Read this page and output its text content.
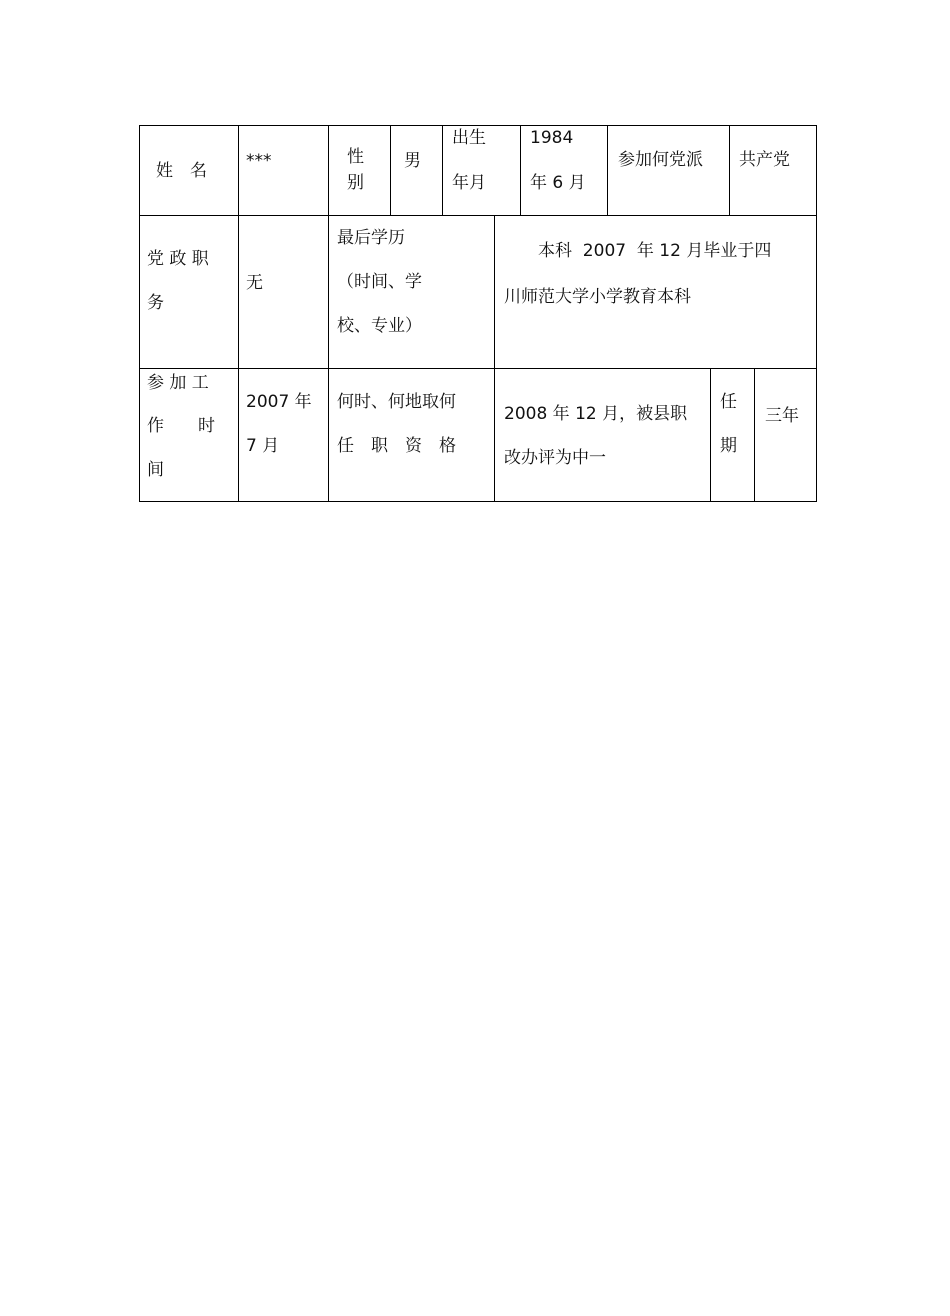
姓　名 ***	性
别
男
出生
年月
1984
年 6 月
参加何党派	共产党
党 政 职
务
无
最后学历
（时间、学
校、专业）
　　本科  2007  年 12 月毕业于四
川师范大学小学教育本科
参 加 工
作　　时
间
2007 年
7 月
何时、何地取何
任　职　资　格
2008 年 12 月，被县职
改办评为中一
任
期
三年
